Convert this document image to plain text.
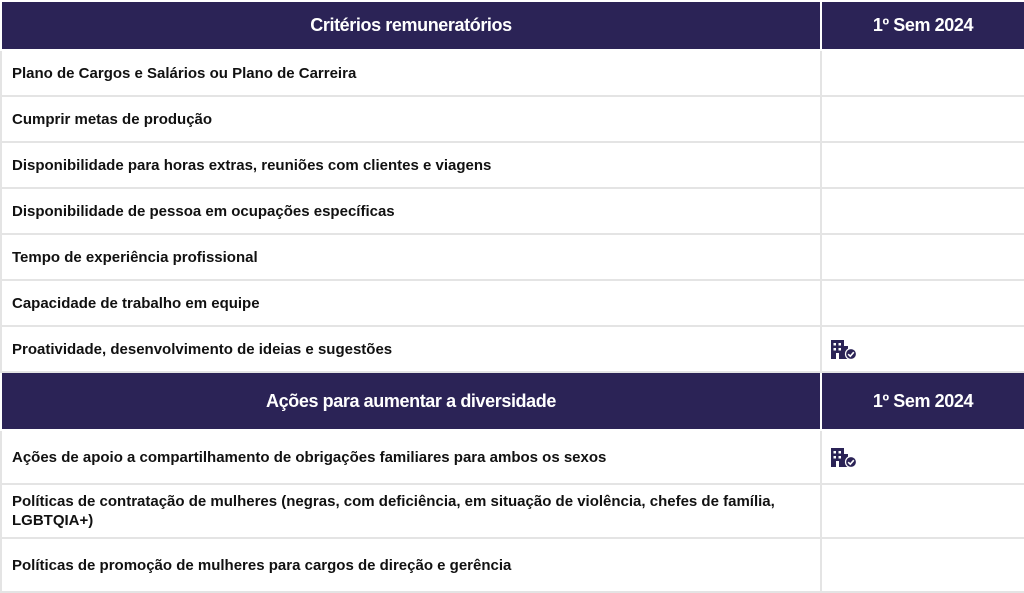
Critérios remuneratórios	1º Sem 2024
Plano de Cargos e Salários ou Plano de Carreira	
Cumprir metas de produção	
Disponibilidade para horas extras, reuniões com clientes e viagens	
Disponibilidade de pessoa em ocupações específicas	
Tempo de experiência profissional	
Capacidade de trabalho em equipe	
Proatividade, desenvolvimento de ideias e sugestões	
Ações para aumentar a diversidade	1º Sem 2024
Ações de apoio a compartilhamento de obrigações familiares para ambos os sexos	
Políticas de contratação de mulheres (negras, com deficiência, em situação de violência, chefes de família, LGBTQIA+)	
Políticas de promoção de mulheres para cargos de direção e gerência	
